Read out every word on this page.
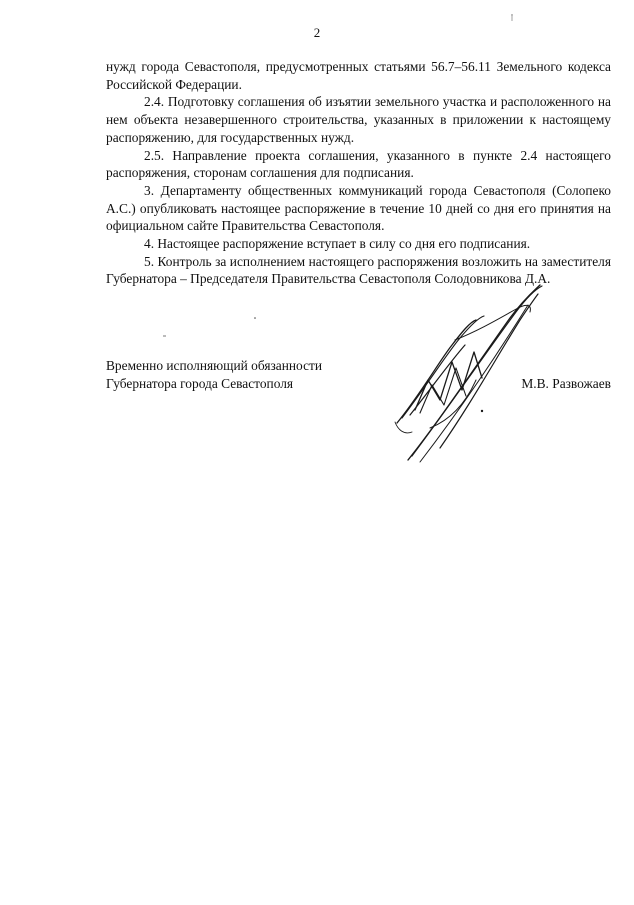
2

нужд города Севастополя, предусмотренных статьями 56.7–56.11 Земельного кодекса Российской Федерации.

2.4. Подготовку соглашения об изъятии земельного участка и расположенного на нем объекта незавершенного строительства, указанных в приложении к настоящему распоряжению, для государственных нужд.

2.5. Направление проекта соглашения, указанного в пункте 2.4 настоящего распоряжения, сторонам соглашения для подписания.

3. Департаменту общественных коммуникаций города Севастополя (Солопеко А.С.) опубликовать настоящее распоряжение в течение 10 дней со дня его принятия на официальном сайте Правительства Севастополя.

4. Настоящее распоряжение вступает в силу со дня его подписания.

5. Контроль за исполнением настоящего распоряжения возложить на заместителя Губернатора – Председателя Правительства Севастополя Солодовникова Д.А.

Временно исполняющий обязанности
Губернатора города Севастополя	М.В. Развожаев
